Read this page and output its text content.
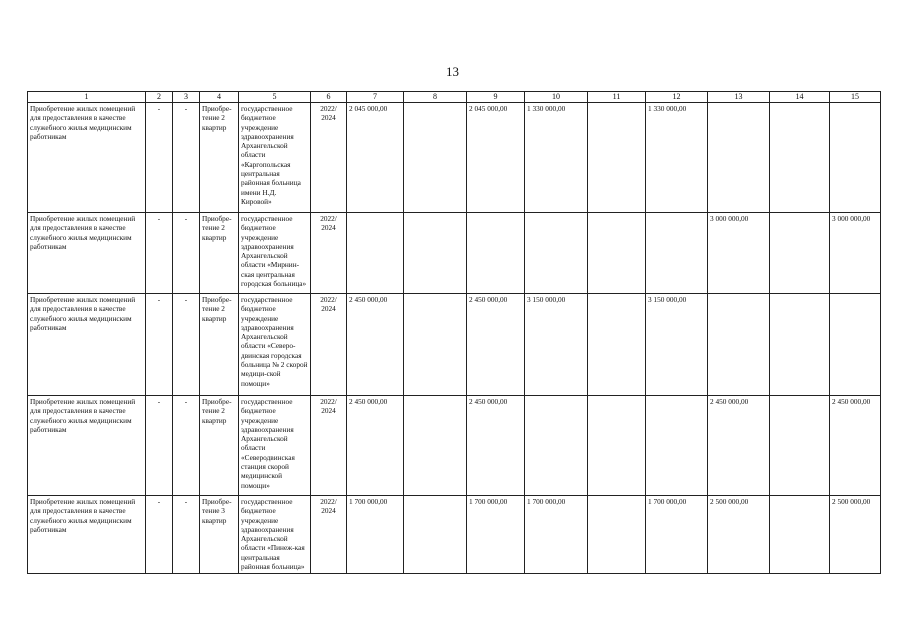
13
1	2	3	4	5	6	7	8	9	10	11	12	13	14	15
Приобретение жилых помещений для предоставления в качестве служебного жилья медицинским работникам	-	-	Приобре-тение 2 квартир	государственное бюджетное учреждение здравоохранения Архангельской области «Каргопольская центральная районная больница имени Н.Д. Кировой»	2022/ 2024	2 045 000,00		2 045 000,00	1 330 000,00		1 330 000,00			
Приобретение жилых помещений для предоставления в качестве служебного жилья медицинским работникам	-	-	Приобре-тение 2 квартир	государственное бюджетное учреждение здравоохранения Архангельской области «Мирнин-ская центральная городская больница»	2022/ 2024							3 000 000,00		3 000 000,00
Приобретение жилых помещений для предоставления в качестве служебного жилья медицинским работникам	-	-	Приобре-тение 2 квартир	государственное бюджетное учреждение здравоохранения Архангельской области «Северо-двинская городская больница № 2 скорой медици-ской помощи»	2022/ 2024	2 450 000,00		2 450 000,00	3 150 000,00		3 150 000,00			
Приобретение жилых помещений для предоставления в качестве служебного жилья медицинским работникам	-	-	Приобре-тение 2 квартир	государственное бюджетное учреждение здравоохранения Архангельской области «Северодвинская станция скорой медицинской помощи»	2022/ 2024	2 450 000,00		2 450 000,00				2 450 000,00		2 450 000,00
Приобретение жилых помещений для предоставления в качестве служебного жилья медицинским работникам	-	-	Приобре-тение 3 квартир	государственное бюджетное учреждение здравоохранения Архангельской области «Пинеж-кая центральная районная больница»	2022/ 2024	1 700 000,00		1 700 000,00	1 700 000,00		1 700 000,00	2 500 000,00		2 500 000,00
